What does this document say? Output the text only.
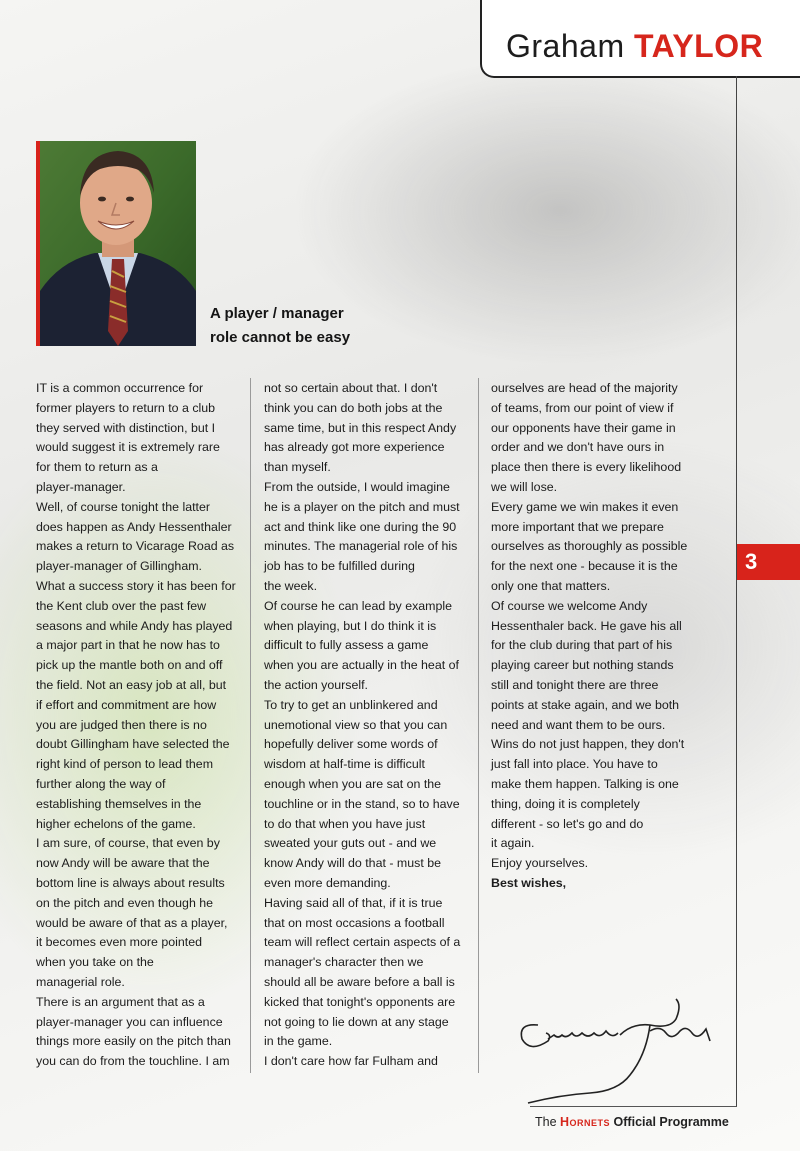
Graham TAYLOR
3
A player / manager
role cannot be easy
IT is a common occurrence for
former players to return to a club
they served with distinction, but I
would suggest it is extremely rare
for them to return as a
player-manager.
Well, of course tonight the latter
does happen as Andy Hessenthaler
makes a return to Vicarage Road as
player-manager of Gillingham.
What a success story it has been for
the Kent club over the past few
seasons and while Andy has played
a major part in that he now has to
pick up the mantle both on and off
the field. Not an easy job at all, but
if effort and commitment are how
you are judged then there is no
doubt Gillingham have selected the
right kind of person to lead them
further along the way of
establishing themselves in the
higher echelons of the game.
I am sure, of course, that even by
now Andy will be aware that the
bottom line is always about results
on the pitch and even though he
would be aware of that as a player,
it becomes even more pointed
when you take on the
managerial role.
There is an argument that as a
player-manager you can influence
things more easily on the pitch than
you can do from the touchline. I am
not so certain about that. I don't
think you can do both jobs at the
same time, but in this respect Andy
has already got more experience
than myself.
From the outside, I would imagine
he is a player on the pitch and must
act and think like one during the 90
minutes. The managerial role of his
job has to be fulfilled during
the week.
Of course he can lead by example
when playing, but I do think it is
difficult to fully assess a game
when you are actually in the heat of
the action yourself.
To try to get an unblinkered and
unemotional view so that you can
hopefully deliver some words of
wisdom at half-time is difficult
enough when you are sat on the
touchline or in the stand, so to have
to do that when you have just
sweated your guts out - and we
know Andy will do that - must be
even more demanding.
Having said all of that, if it is true
that on most occasions a football
team will reflect certain aspects of a
manager's character then we
should all be aware before a ball is
kicked that tonight's opponents are
not going to lie down at any stage
in the game.
I don't care how far Fulham and
ourselves are head of the majority
of teams, from our point of view if
our opponents have their game in
order and we don't have ours in
place then there is every likelihood
we will lose.
Every game we win makes it even
more important that we prepare
ourselves as thoroughly as possible
for the next one - because it is the
only one that matters.
Of course we welcome Andy
Hessenthaler back. He gave his all
for the club during that part of his
playing career but nothing stands
still and tonight there are three
points at stake again, and we both
need and want them to be ours.
Wins do not just happen, they don't
just fall into place. You have to
make them happen. Talking is one
thing, doing it is completely
different - so let's go and do
it again.
Enjoy yourselves.
Best wishes,
The Hornets Official Programme
